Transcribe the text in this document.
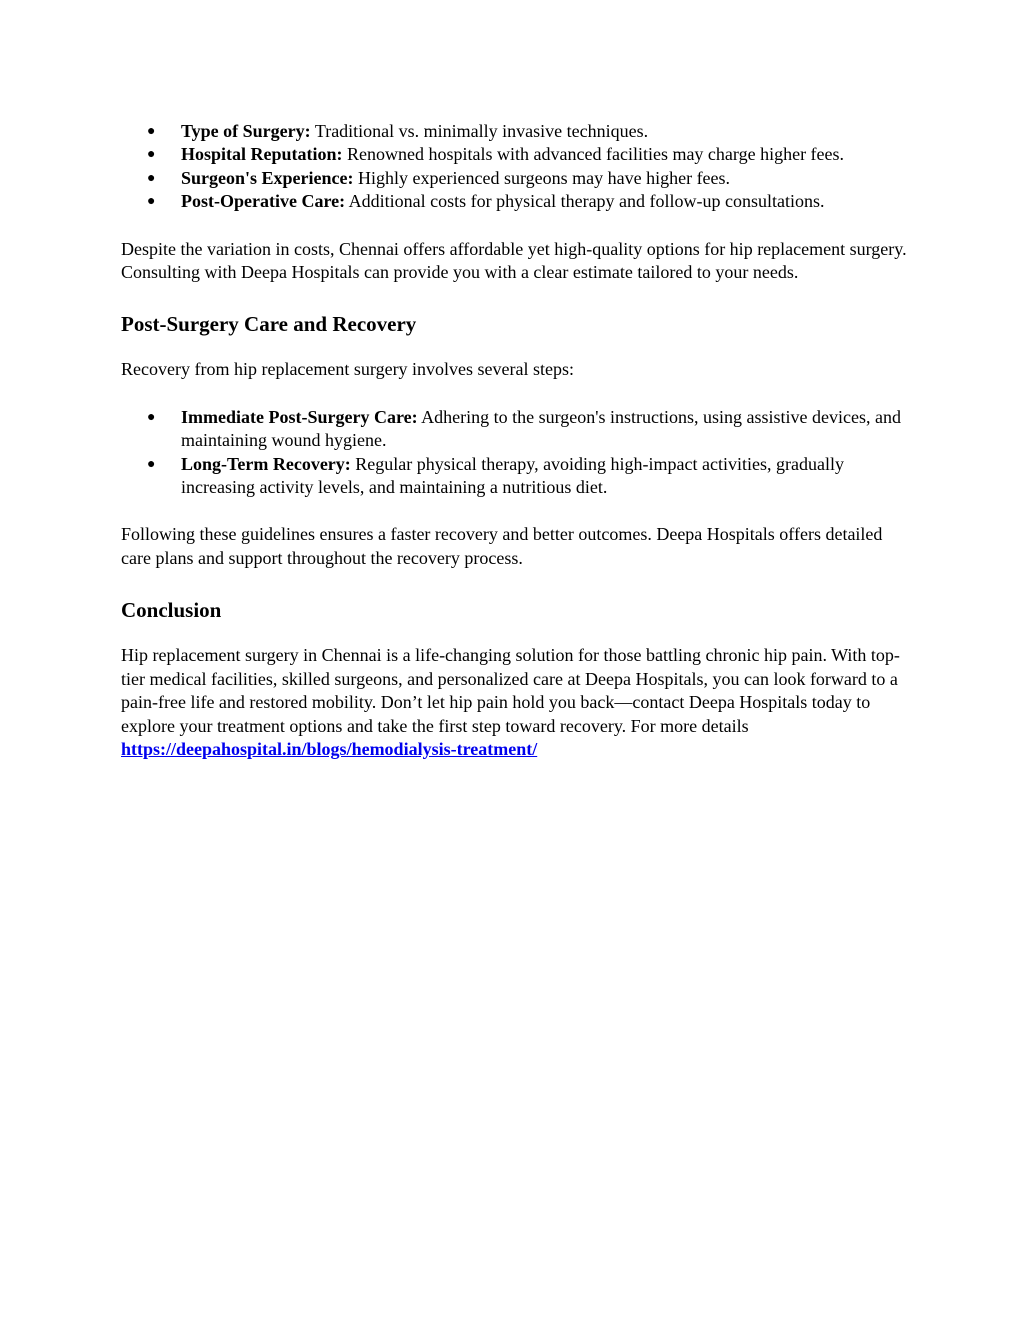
● Type of Surgery: Traditional vs. minimally invasive techniques.
● Hospital Reputation: Renowned hospitals with advanced facilities may charge higher fees.
● Surgeon's Experience: Highly experienced surgeons may have higher fees.
● Post-Operative Care: Additional costs for physical therapy and follow-up consultations.

Despite the variation in costs, Chennai offers affordable yet high-quality options for hip replacement surgery. Consulting with Deepa Hospitals can provide you with a clear estimate tailored to your needs.

Post-Surgery Care and Recovery

Recovery from hip replacement surgery involves several steps:

● Immediate Post-Surgery Care: Adhering to the surgeon's instructions, using assistive devices, and maintaining wound hygiene.
● Long-Term Recovery: Regular physical therapy, avoiding high-impact activities, gradually increasing activity levels, and maintaining a nutritious diet.

Following these guidelines ensures a faster recovery and better outcomes. Deepa Hospitals offers detailed care plans and support throughout the recovery process.

Conclusion

Hip replacement surgery in Chennai is a life-changing solution for those battling chronic hip pain. With top-tier medical facilities, skilled surgeons, and personalized care at Deepa Hospitals, you can look forward to a pain-free life and restored mobility. Don’t let hip pain hold you back—contact Deepa Hospitals today to explore your treatment options and take the first step toward recovery. For more details https://deepahospital.in/blogs/hemodialysis-treatment/
